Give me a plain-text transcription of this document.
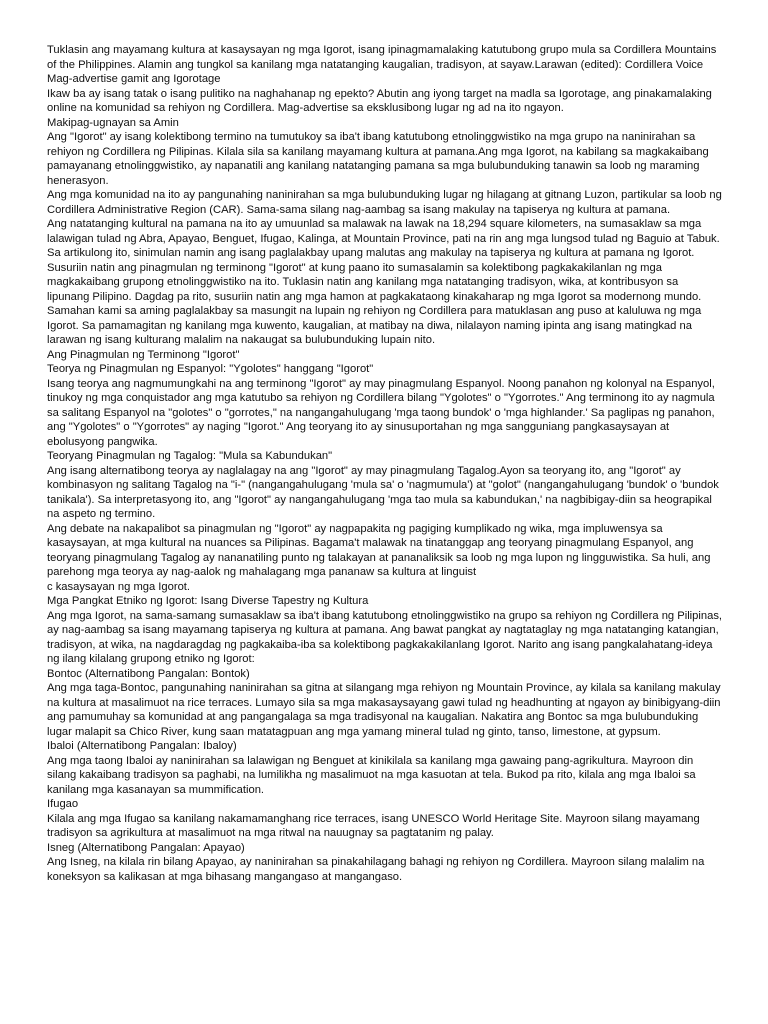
Tuklasin ang mayamang kultura at kasaysayan ng mga Igorot, isang ipinagmamalaking katutubong grupo mula sa Cordillera Mountains of the Philippines. Alamin ang tungkol sa kanilang mga natatanging kaugalian, tradisyon, at sayaw.Larawan (edited): Cordillera Voice

Mag-advertise gamit ang Igorotage

Ikaw ba ay isang tatak o isang pulitiko na naghahanap ng epekto? Abutin ang iyong target na madla sa Igorotage, ang pinakamalaking online na komunidad sa rehiyon ng Cordillera. Mag-advertise sa eksklusibong lugar ng ad na ito ngayon.

Makipag-ugnayan sa Amin

Ang "Igorot" ay isang kolektibong termino na tumutukoy sa iba't ibang katutubong etnolinggwistiko na mga grupo na naninirahan sa rehiyon ng Cordillera ng Pilipinas. Kilala sila sa kanilang mayamang kultura at pamana.Ang mga Igorot, na kabilang sa magkakaibang pamayanang etnolinggwistiko, ay napanatili ang kanilang natatanging pamana sa mga bulubunduking tanawin sa loob ng maraming henerasyon.

Ang mga komunidad na ito ay pangunahing naninirahan sa mga bulubunduking lugar ng hilagang at gitnang Luzon, partikular sa loob ng Cordillera Administrative Region (CAR). Sama-sama silang nag-aambag sa isang makulay na tapiserya ng kultura at pamana.

Ang natatanging kultural na pamana na ito ay umuunlad sa malawak na lawak na 18,294 square kilometers, na sumasaklaw sa mga lalawigan tulad ng Abra, Apayao, Benguet, Ifugao, Kalinga, at Mountain Province, pati na rin ang mga lungsod tulad ng Baguio at Tabuk.

Sa artikulong ito, sinimulan namin ang isang paglalakbay upang malutas ang makulay na tapiserya ng kultura at pamana ng Igorot. Susuriin natin ang pinagmulan ng terminong "Igorot" at kung paano ito sumasalamin sa kolektibong pagkakakilanlan ng mga magkakaibang grupong etnolinggwistiko na ito. Tuklasin natin ang kanilang mga natatanging tradisyon, wika, at kontribusyon sa lipunang Pilipino. Dagdag pa rito, susuriin natin ang mga hamon at pagkakataong kinakaharap ng mga Igorot sa modernong mundo.

Samahan kami sa aming paglalakbay sa masungit na lupain ng rehiyon ng Cordillera para matuklasan ang puso at kaluluwa ng mga Igorot. Sa pamamagitan ng kanilang mga kuwento, kaugalian, at matibay na diwa, nilalayon naming ipinta ang isang matingkad na larawan ng isang kulturang malalim na nakaugat sa bulubunduking lupain nito.

Ang Pinagmulan ng Terminong "Igorot"

Teorya ng Pinagmulan ng Espanyol: "Ygolotes" hanggang "Igorot"

Isang teorya ang nagmumungkahi na ang terminong "Igorot" ay may pinagmulang Espanyol. Noong panahon ng kolonyal na Espanyol, tinukoy ng mga conquistador ang mga katutubo sa rehiyon ng Cordillera bilang "Ygolotes" o "Ygorrotes." Ang terminong ito ay nagmula sa salitang Espanyol na "golotes" o "gorrotes," na nangangahulugang 'mga taong bundok' o 'mga highlander.' Sa paglipas ng panahon, ang "Ygolotes" o "Ygorrotes" ay naging "Igorot." Ang teoryang ito ay sinusuportahan ng mga sangguniang pangkasaysayan at ebolusyong pangwika.

Teoryang Pinagmulan ng Tagalog: "Mula sa Kabundukan"

Ang isang alternatibong teorya ay naglalagay na ang "Igorot" ay may pinagmulang Tagalog.Ayon sa teoryang ito, ang "Igorot" ay kombinasyon ng salitang Tagalog na "i-" (nangangahulugang 'mula sa' o 'nagmumula') at "golot" (nangangahulugang 'bundok' o 'bundok tanikala'). Sa interpretasyong ito, ang "Igorot" ay nangangahulugang 'mga tao mula sa kabundukan,' na nagbibigay-diin sa heograpikal na aspeto ng termino.

Ang debate na nakapalibot sa pinagmulan ng "Igorot" ay nagpapakita ng pagiging kumplikado ng wika, mga impluwensya sa kasaysayan, at mga kultural na nuances sa Pilipinas. Bagama't malawak na tinatanggap ang teoryang pinagmulang Espanyol, ang teoryang pinagmulang Tagalog ay nananatiling punto ng talakayan at pananaliksik sa loob ng mga lupon ng lingguwistika. Sa huli, ang parehong mga teorya ay nag-aalok ng mahalagang mga pananaw sa kultura at linguist

c kasaysayan ng mga Igorot.

Mga Pangkat Etniko ng Igorot: Isang Diverse Tapestry ng Kultura

Ang mga Igorot, na sama-samang sumasaklaw sa iba't ibang katutubong etnolinggwistiko na grupo sa rehiyon ng Cordillera ng Pilipinas, ay nag-aambag sa isang mayamang tapiserya ng kultura at pamana. Ang bawat pangkat ay nagtataglay ng mga natatanging katangian, tradisyon, at wika, na nagdaragdag ng pagkakaiba-iba sa kolektibong pagkakakilanlang Igorot. Narito ang isang pangkalahatang-ideya ng ilang kilalang grupong etniko ng Igorot:

Bontoc (Alternatibong Pangalan: Bontok)

Ang mga taga-Bontoc, pangunahing naninirahan sa gitna at silangang mga rehiyon ng Mountain Province, ay kilala sa kanilang makulay na kultura at masalimuot na rice terraces. Lumayo sila sa mga makasaysayang gawi tulad ng headhunting at ngayon ay binibigyang-diin ang pamumuhay sa komunidad at ang pangangalaga sa mga tradisyonal na kaugalian. Nakatira ang Bontoc sa mga bulubunduking lugar malapit sa Chico River, kung saan matatagpuan ang mga yamang mineral tulad ng ginto, tanso, limestone, at gypsum.

Ibaloi (Alternatibong Pangalan: Ibaloy)

Ang mga taong Ibaloi ay naninirahan sa lalawigan ng Benguet at kinikilala sa kanilang mga gawaing pang-agrikultura. Mayroon din silang kakaibang tradisyon sa paghabi, na lumilikha ng masalimuot na mga kasuotan at tela. Bukod pa rito, kilala ang mga Ibaloi sa kanilang mga kasanayan sa mummification.

Ifugao

Kilala ang mga Ifugao sa kanilang nakamamanghang rice terraces, isang UNESCO World Heritage Site. Mayroon silang mayamang tradisyon sa agrikultura at masalimuot na mga ritwal na nauugnay sa pagtatanim ng palay.

Isneg (Alternatibong Pangalan: Apayao)

Ang Isneg, na kilala rin bilang Apayao, ay naninirahan sa pinakahilagang bahagi ng rehiyon ng Cordillera. Mayroon silang malalim na koneksyon sa kalikasan at mga bihasang mangangaso at mangangaso.
